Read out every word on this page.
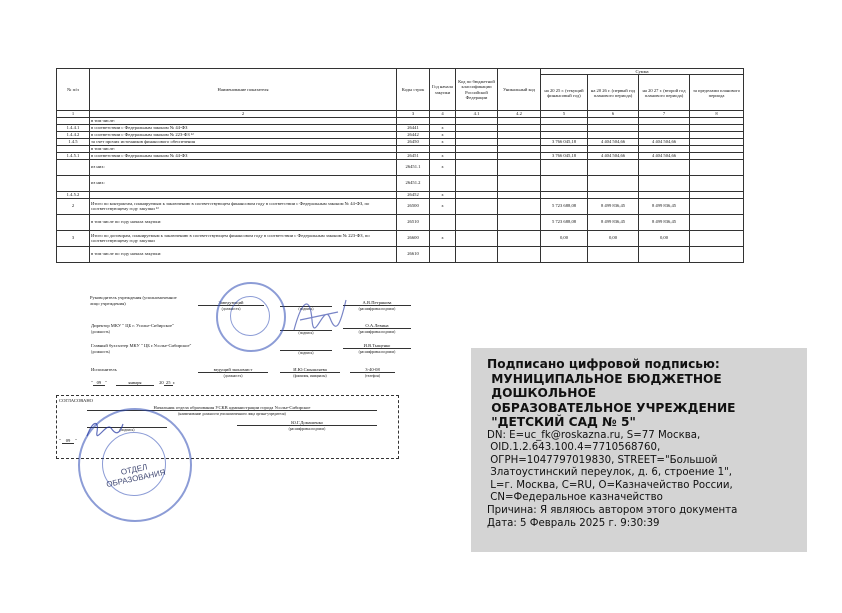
№ п/п	Наименование показателя	Коды строк	Год начала закупки	Код по бюджетной классификации Российской Федерации	Уникальный код	Сумма			
						на 20 25 г. (текущий финансовый год)	на 20 26 г. (первый год планового периода)	на 20 27 г. (второй год планового периода)	за пределами планового периода
1	2	3	4	4.1	4.2	5	6	7	8
	в том числе:								
1.4.4.1	в соответствии с Федеральным законом № 44-ФЗ	26441	x						
1.4.4.2	в соответствии с Федеральным законом № 223-ФЗ ¹²	26442	x						
1.4.5	за счет прочих источников финансового обеспечения	26450	x			3 766 045,18	4 404 504,66	4 404 504,66	
	в том числе:								
1.4.5.1	в соответствии с Федеральным законом № 44-ФЗ	26451	x			3 766 045,18	4 404 504,66	4 404 504,66	
	из них:	26451.1	x						
	из них:	26451.2							
1.4.5.2		26452	x						
2	Итого по контрактам, планируемым к заключению в соответствующем финансовом году в соответствии с Федеральным законом № 44-ФЗ, по соответствующему году закупки ¹³	26500	x			5 723 688,08	8 499 836,45	8 499 836,45	
	в том числе по году начала закупки:	26510				5 723 688,08	8 499 836,45	8 499 836,45	
3	Итого по договорам, планируемым к заключению в соответствующем финансовом году в соответствии с Федеральным законом № 223-ФЗ, по соответствующему году закупки	26600	x			0,00	0,00	0,00	
	в том числе по году начала закупки:	26610							
Руководитель учреждения (уполномоченное лицо учреждения)	Заведующий
(должность)	(подпись)
А.В.Петрякова
(расшифровка подписи)
Директор МКУ " ЦБ г. Усолье-Сибирское"
(должность)	(подпись)
О.А.Левина
(расшифровка подписи)
Главный бухгалтер МКУ " ЦБ г.Усолье-Сибирское"
(должность)	(подпись)
И.В.Тыщенко
(расшифровка подписи)
Исполнитель	ведущий экономист
(должность)
И.Ю.Смышляева
(фамилия, инициалы)
3-40-08
(телефон)
" 09 "	января	20 25 г.
СОГЛАСОВАНО
Начальник отдела образования УСКВ администрации города Усолье-Сибирское
(наименование должности уполномоченного лица органа-учредителя)
(подпись)
Ю.Г.Домашенко
(расшифровка подписи)
" 09 "
ОТДЕЛ ОБРАЗОВАНИЯ
Подписано цифровой подписью:
МУНИЦИПАЛЬНОЕ БЮДЖЕТНОЕ
ДОШКОЛЬНОЕ
ОБРАЗОВАТЕЛЬНОЕ УЧРЕЖДЕНИЕ
"ДЕТСКИЙ САД № 5"
DN: E=uc_fk@roskazna.ru, S=77 Москва,
OID.1.2.643.100.4=7710568760,
ОГРН=1047797019830, STREET="Большой
Златоустинский переулок, д. 6, строение 1",
L=г. Москва, C=RU, O=Казначейство России,
CN=Федеральное казначейство
Причина: Я являюсь автором этого документа
Дата: 5 Февраль 2025 г. 9:30:39
